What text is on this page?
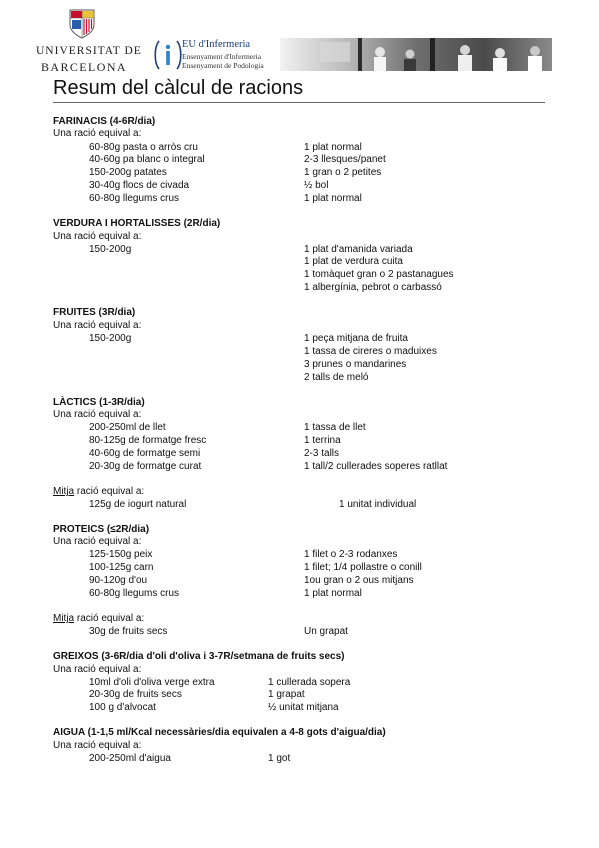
UNIVERSITAT DE
BARCELONA
EU d'Infermeria
Ensenyament d'Infermeria
Ensenyament de Podologia
Resum del càlcul de racions
FARINACIS (4-6R/dia)
Una ració equival a:
60-80g pasta o arròs cru	1 plat normal
40-60g pa blanc o integral	2-3 llesques/panet
150-200g patates	1 gran o 2 petites
30-40g flocs de civada	½ bol
60-80g llegums crus	1 plat normal
VERDURA I HORTALISSES (2R/dia)
Una ració equival a:
150-200g	1 plat d'amanida variada
1 plat de verdura cuita
1 tomàquet gran o 2 pastanagues
1 albergínia, pebrot o carbassó
FRUITES (3R/dia)
Una ració equival a:
150-200g	1 peça mitjana de fruita
1 tassa de cireres o maduixes
3 prunes o mandarines
2 talls de meló
LÀCTICS (1-3R/dia)
Una ració equival a:
200-250ml de llet	1 tassa de llet
80-125g de formatge fresc	1 terrina
40-60g de formatge semi	2-3 talls
20-30g de formatge curat	1 tall/2 cullerades soperes ratllat
Mitja ració equival a:
125g de iogurt natural	1 unitat individual
PROTEICS (≤2R/dia)
Una ració equival a:
125-150g peix	1 filet o 2-3 rodanxes
100-125g carn	1 filet; 1/4 pollastre o conill
90-120g d'ou	1ou gran o 2 ous mitjans
60-80g llegums crus	1 plat normal
Mitja ració equival a:
30g de fruits secs	Un grapat
GREIXOS (3-6R/dia d'oli d'oliva i 3-7R/setmana de fruits secs)
Una ració equival a:
10ml d'oli d'oliva verge extra	1 cullerada sopera
20-30g de fruits secs	1 grapat
100 g d'alvocat	½ unitat mitjana
AIGUA (1-1,5 ml/Kcal necessàries/dia equivalen a 4-8 gots d'aigua/dia)
Una ració equival a:
200-250ml d'aigua	1 got
